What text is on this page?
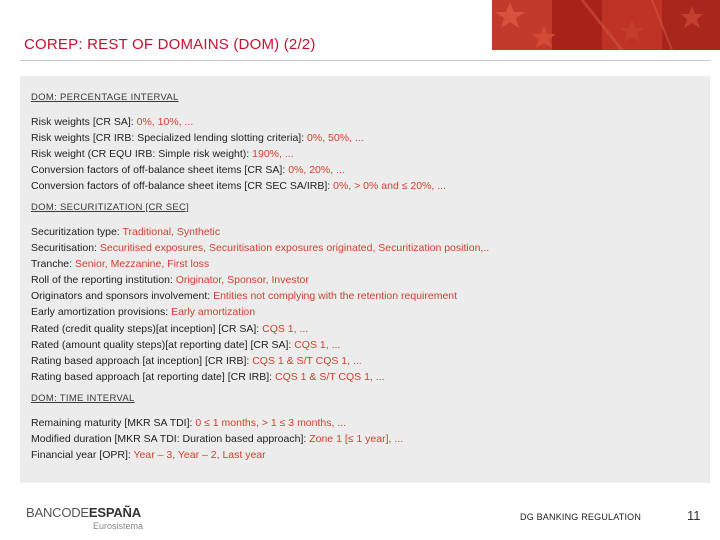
COREP: REST OF DOMAINS (DOM) (2/2)
DOM: PERCENTAGE INTERVAL
Risk weights [CR SA]: 0%, 10%, ...
Risk weights [CR IRB: Specialized lending slotting criteria]: 0%, 50%, ...
Risk weight (CR EQU IRB: Simple risk weight): 190%, ...
Conversion factors of off-balance sheet items [CR SA]: 0%, 20%, ...
Conversion factors of off-balance sheet items [CR SEC SA/IRB]: 0%, > 0% and ≤ 20%, ...
DOM: SECURITIZATION [CR SEC]
Securitization type: Traditional, Synthetic
Securitisation: Securitised exposures, Securitisation exposures originated, Securitization position,..
Tranche: Senior, Mezzanine, First loss
Roll of the reporting institution: Originator, Sponsor, Investor
Originators and sponsors involvement: Entities not complying with the retention requirement
Early amortization provisions: Early amortization
Rated (credit quality steps)[at inception] [CR SA]: CQS 1, ...
Rated (amount quality steps)[at reporting date] [CR SA]: CQS 1, ...
Rating based approach [at inception] [CR IRB]: CQS 1 & S/T CQS 1, ...
Rating based approach [at reporting date] [CR IRB]: CQS 1 & S/T CQS 1, ...
DOM: TIME INTERVAL
Remaining maturity [MKR SA TDI]: 0 ≤ 1 months, > 1 ≤ 3 months, ...
Modified duration [MKR SA TDI: Duration based approach]: Zone 1 [≤ 1 year], ...
Financial year [OPR]: Year – 3, Year – 2, Last year
BANCODEESPAÑA
Eurosistema
DG BANKING REGULATION	11
